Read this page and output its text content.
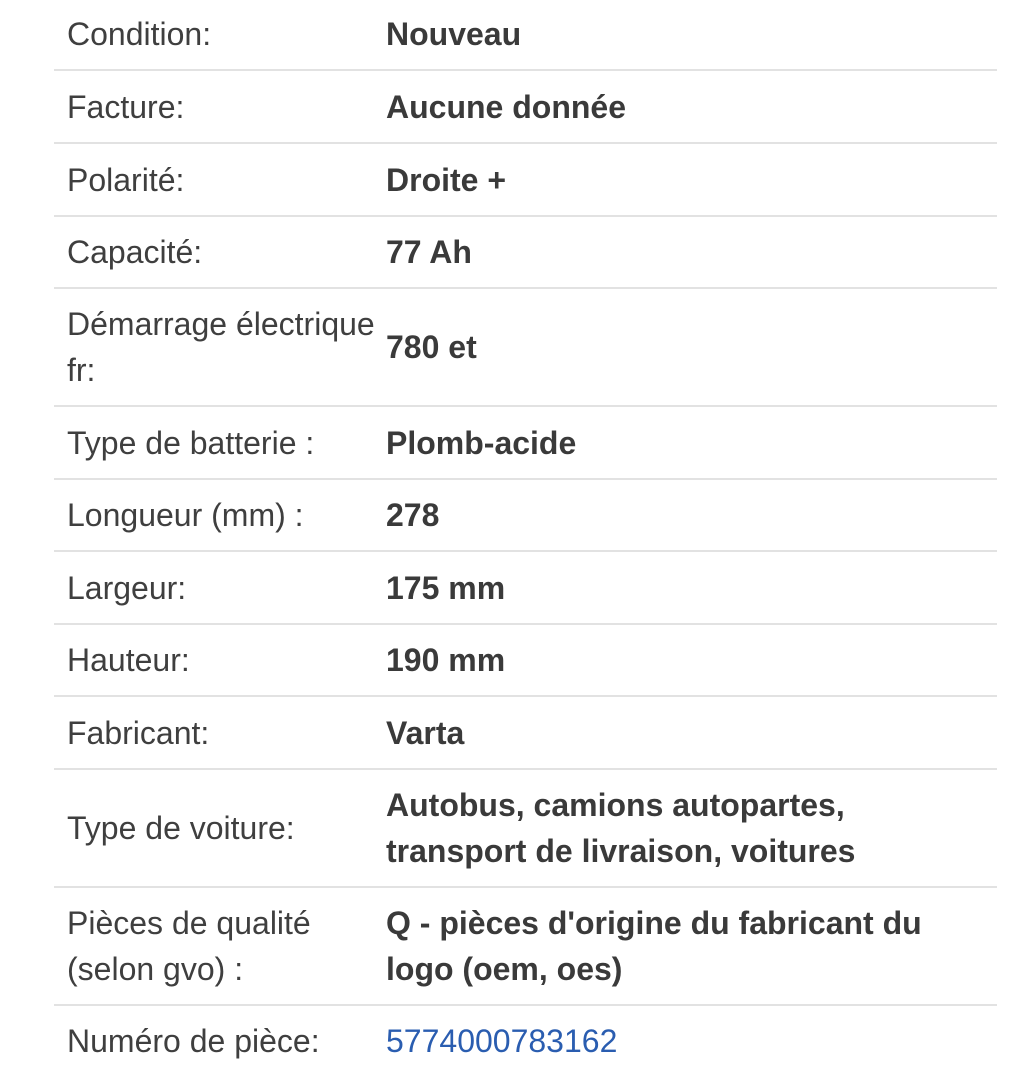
Condition:	Nouveau
Facture:	Aucune donnée
Polarité:	Droite +
Capacité:	77 Ah
Démarrage électrique fr:
780 et
Type de batterie :	Plomb-acide
Longueur (mm) :	278
Largeur:	175 mm
Hauteur:	190 mm
Fabricant:	Varta
Type de voiture:
Autobus, camions autopartes, transport de livraison, voitures
Pièces de qualité (selon gvo) :
Q - pièces d'origine du fabricant du logo (oem, oes)
Numéro de pièce:	5774000783162
